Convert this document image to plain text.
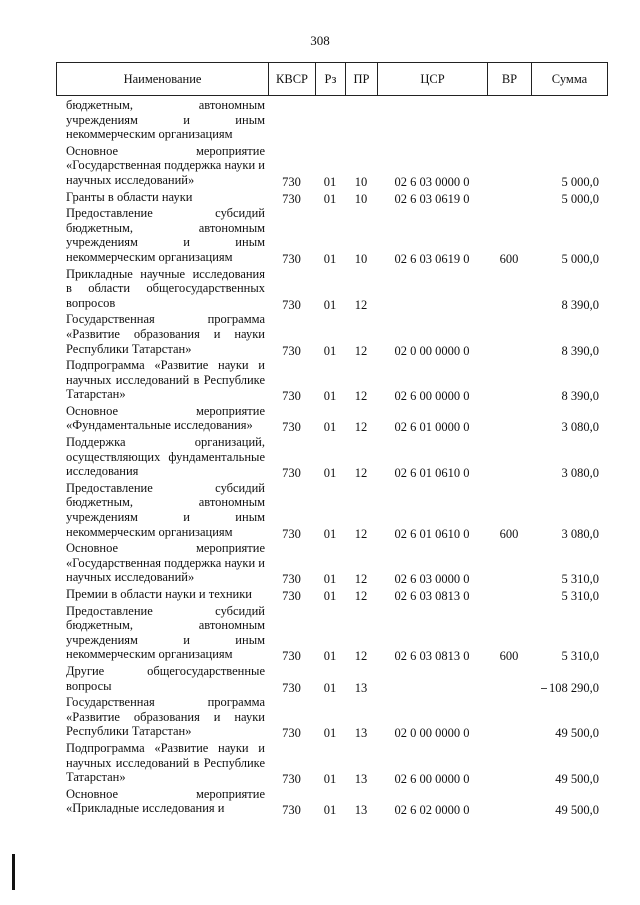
308
Наименование	КВСР	Рз	ПР	ЦСР	ВР	Сумма
бюджетным, автономным учреждениям и иным некоммерческим организациям						
Основное мероприятие «Государственная поддержка науки и научных исследований»	730	01	10	02 6 03 0000 0		5 000,0
Гранты в области науки	730	01	10	02 6 03 0619 0		5 000,0
Предоставление субсидий бюджетным, автономным учреждениям и иным некоммерческим организациям	730	01	10	02 6 03 0619 0	600	5 000,0
Прикладные научные исследования в области общегосударственных вопросов	730	01	12			8 390,0
Государственная программа «Развитие образования и науки Республики Татарстан»	730	01	12	02 0 00 0000 0		8 390,0
Подпрограмма «Развитие науки и научных исследований в Республике Татарстан»	730	01	12	02 6 00 0000 0		8 390,0
Основное мероприятие «Фундаментальные исследования»	730	01	12	02 6 01 0000 0		3 080,0
Поддержка организаций, осуществляющих фундаментальные исследования	730	01	12	02 6 01 0610 0		3 080,0
Предоставление субсидий бюджетным, автономным учреждениям и иным некоммерческим организациям	730	01	12	02 6 01 0610 0	600	3 080,0
Основное мероприятие «Государственная поддержка науки и научных исследований»	730	01	12	02 6 03 0000 0		5 310,0
Премии в области науки и техники	730	01	12	02 6 03 0813 0		5 310,0
Предоставление субсидий бюджетным, автономным учреждениям и иным некоммерческим организациям	730	01	12	02 6 03 0813 0	600	5 310,0
Другие общегосударственные вопросы	730	01	13			108 290,0
Государственная программа «Развитие образования и науки Республики Татарстан»	730	01	13	02 0 00 0000 0		49 500,0
Подпрограмма «Развитие науки и научных исследований в Республике Татарстан»	730	01	13	02 6 00 0000 0		49 500,0
Основное мероприятие «Прикладные исследования и	730	01	13	02 6 02 0000 0		49 500,0
